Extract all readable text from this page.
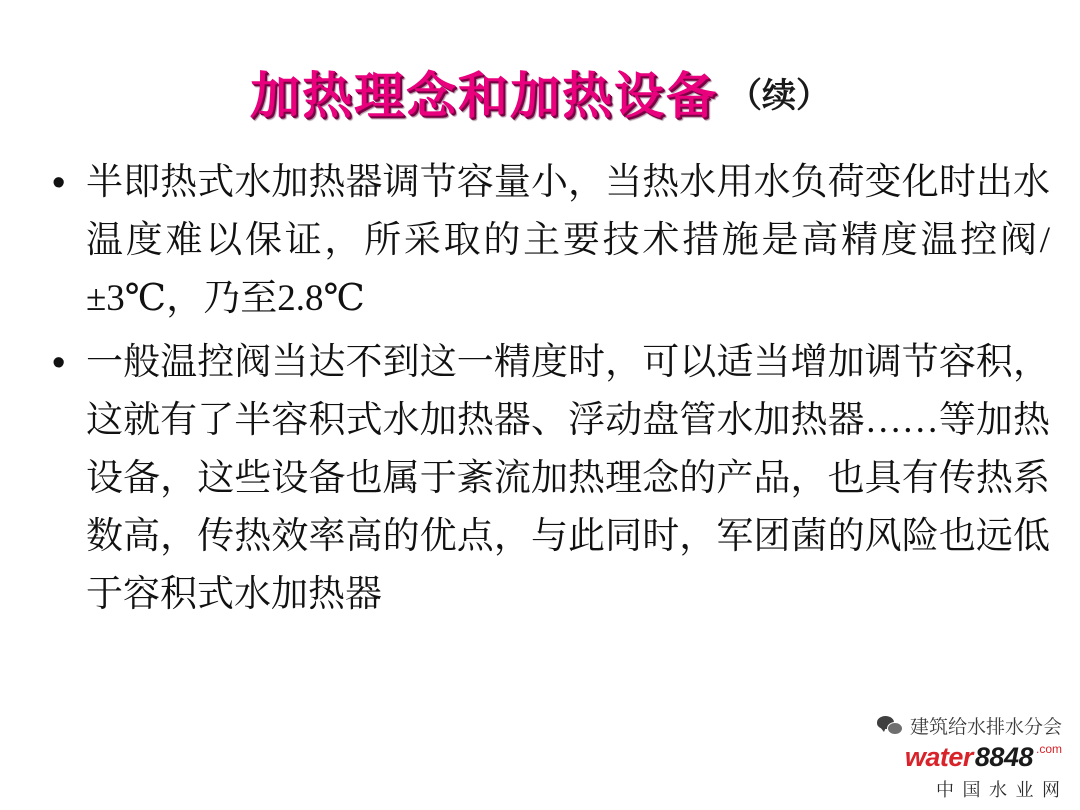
加热理念和加热设备 （续）
• 半即热式水加热器调节容量小，当热水用水负荷变化时出水温度难以保证，所采取的主要技术措施是高精度温控阀/±3℃，乃至2.8℃
• 一般温控阀当达不到这一精度时，可以适当增加调节容积，这就有了半容积式水加热器、浮动盘管水加热器……等加热设备，这些设备也属于紊流加热理念的产品，也具有传热系数高，传热效率高的优点，与此同时，军团菌的风险也远低于容积式水加热器
建筑给水排水分会
water 8848 .com
中 国 水 业 网
